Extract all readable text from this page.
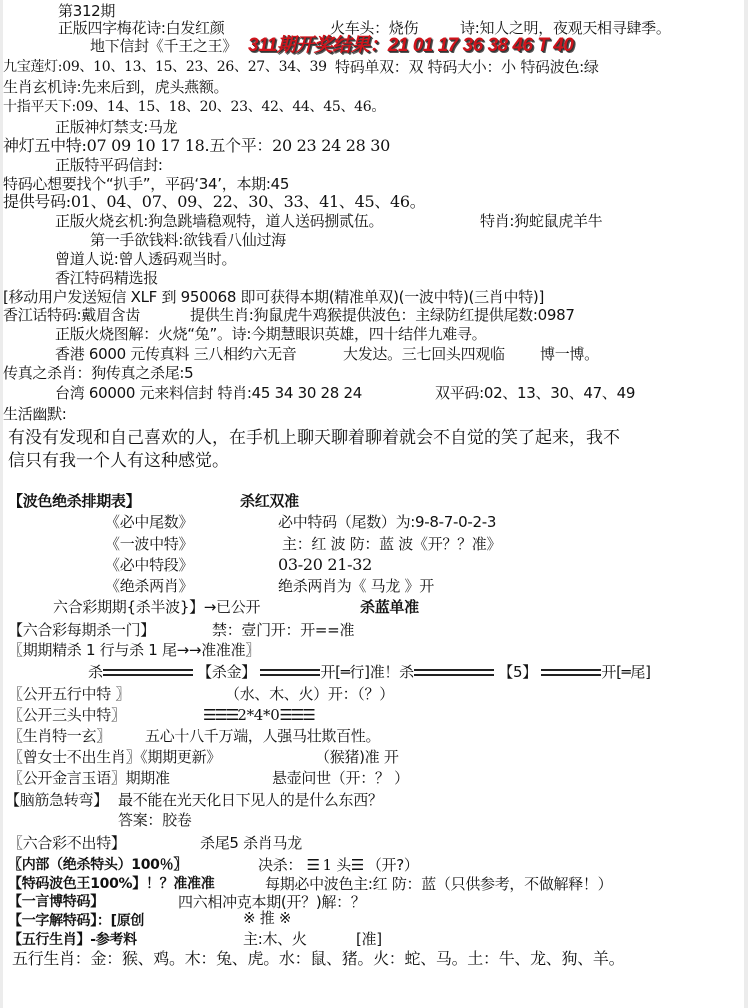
第312期
正版四字梅花诗:白发红颜	火车头：烧伤	诗:知人之明，夜观天相寻肆季。
地下信封《千王之王》 311期开奖结果：21 01 17 36 38 46 T 40
九宝莲灯:09、10、13、15、23、26、27、34、39 特码单双：双 特码大小：小 特码波色:绿
生肖玄机诗:先来后到，虎头燕额。
十指平天下:09、14、15、18、20、23、42、44、45、46。
正版神灯禁支:马龙
神灯五中特:07 09 10 17 18.五个平：20 23 24 28 30
正版特平码信封:
特码心想要找个“扒手”，平码‘34’，本期:45
提供号码:01、04、07、09、22、30、33、41、45、46。
正版火烧玄机:狗急跳墙稳观特，道人送码捌贰伍。	特肖:狗蛇鼠虎羊牛
第一手欲钱料:欲钱看八仙过海
曾道人说:曾人透码观当时。
香江特码精选报
[移动用户发送短信 XLF 到 950068 即可获得本期(精准单双)(一波中特)(三肖中特)]
香江话特码:戴眉含齿	提供生肖:狗鼠虎牛鸡猴提供波色：主绿防红提供尾数:0987
正版火烧图解：火烧“兔”。诗:今期慧眼识英雄，四十结伴九难寻。
香港 6000 元传真料 三八相约六无音	大发达。三七回头四观临 博一博。
传真之杀肖：狗传真之杀尾:5
台湾 60000 元来料信封 特肖:45 34 30 28 24	双平码:02、13、30、47、49
生活幽默:
有没有发现和自己喜欢的人，在手机上聊天聊着聊着就会不自觉的笑了起来，我不信只有我一个人有这种感觉。
【波色绝杀排期表】	杀红双准
《必中尾数》	必中特码（尾数）为:9-8-7-0-2-3
《一波中特》	主：红 波 防：蓝 波《开？？准》
《必中特段》	03-20 21-32
《绝杀两肖》	绝杀两肖为《 马龙 》开
六合彩期期{杀半波}】→已公开	杀蓝单准
【六合彩每期杀一门】	禁：壹门开：开==准
〖期期精杀 1 行与杀 1 尾→→准准准〗
杀	【杀金】	开[═行]准！杀	【5】	开[═尾]
〖公开五行中特 〗	（水、木、火）开：（？）
〖公开三头中特〗	☰☰☰2*4*0☰☰☰
〖生肖特一玄〗 五心十八千万端，人强马壮欺百性。
〖曾女士不出生肖〗《期期更新》	（猴猪)准 开
〖公开金言玉语〗期期准	悬壶问世（开：？ ）
【脑筋急转弯】 最不能在光天化日下见人的是什么东西？
答案：胶卷
〖六合彩不出特】	杀尾5 杀肖马龙
〖内部（绝杀特头）100％〗	决杀： ☰ 1 头☰ （开?）
【特码波色王100%】！？准准准	每期必中波色主:红 防：蓝（只供参考，不做解释！）
【一言博特码】	四六相冲克本期(开？)解：？
【一字解特码】：[原创	※ 推 ※
【五行生肖】-参考料	主:木、火	[准]
五行生肖：金：猴、鸡。木：兔、虎。水：鼠、猪。火：蛇、马。土：牛、龙、狗、羊。
